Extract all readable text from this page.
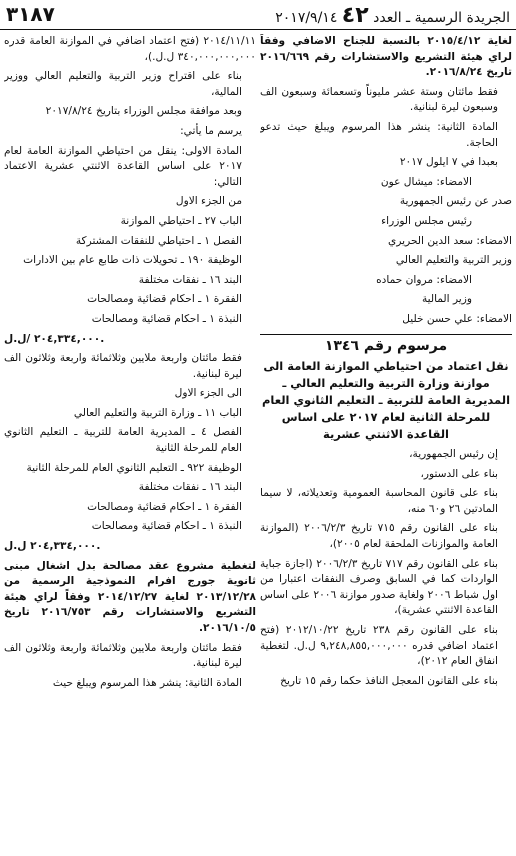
الجريدة الرسمية ـ العدد ٤٢ ٢٠١٧/٩/١٤
٣١٨٧

لغاية ٢٠١٥/٤/١٢ بالنسبة للجناح الاضافي وفقاً لراي هيئة التشريع والاستشارات رقم ٢٠١٦/٦٦٩ تاريخ ٢٠١٦/٨/٢٤.

فقط مائتان وستة عشر مليوناً وتسعمائة وسبعون الف وسبعون ليرة لبنانية.

المادة الثانية: ينشر هذا المرسوم ويبلغ حيث تدعو الحاجة.

بعبدا في ٧ ايلول ٢٠١٧

الامضاء: ميشال عون

صدر عن رئيس الجمهورية

رئيس مجلس الوزراء

الامضاء: سعد الدين الحريري

وزير التربية والتعليم العالي

الامضاء: مروان حماده

وزير المالية

الامضاء: علي حسن خليل

مرسوم رقم ١٣٤٦
نقل اعتماد من احتياطي الموازنة العامة الى موازنة وزارة التربية والتعليم العالي ـ المديرية العامة للتربية ـ التعليم الثانوي العام للمرحلة الثانية لعام ٢٠١٧ على اساس القاعدة الاثنتي عشرية

إن رئيس الجمهورية،

بناء على الدستور،

بناء على قانون المحاسبة العمومية وتعديلاته، لا سيما المادتين ٢٦ و٦٠ منه،

بناء على القانون رقم ٧١٥ تاريخ ٢٠٠٦/٢/٣ (الموازنة العامة والموازنات الملحقة لعام ٢٠٠٥)،

بناء على القانون رقم ٧١٧ تاريخ ٢٠٠٦/٢/٣ (اجازة جباية الواردات كما في السابق وصرف النفقات اعتبارا من اول شباط ٢٠٠٦ ولغاية صدور موازنة ٢٠٠٦ على اساس القاعدة الاثنتي عشرية)،

بناء على القانون رقم ٢٣٨ تاريخ ٢٠١٢/١٠/٢٢ (فتح اعتماد اضافي قدره ٩,٢٤٨,٨٥٥,٠٠٠,٠٠٠ ل.ل. لتغطية انفاق العام ٢٠١٢)،

بناء على القانون المعجل النافذ حكما رقم ١٥ تاريخ

٢٠١٤/١١/١١ (فتح اعتماد اضافي في الموازنة العامة قدره ٣٤٠,٠٠٠,٠٠٠,٠٠٠ ل.ل.)،

بناء على اقتراح وزير التربية والتعليم العالي ووزير المالية،

وبعد موافقة مجلس الوزراء بتاريخ ٢٠١٧/٨/٢٤

يرسم ما يأتي:

المادة الاولى: ينقل من احتياطي الموازنة العامة لعام ٢٠١٧ على اساس القاعدة الاثنتي عشرية الاعتماد التالي:

من الجزء الاول

الباب ٢٧ ـ احتياطي الموازنة

الفصل ١ ـ احتياطي للنفقات المشتركة

الوظيفة ١٩٠ ـ تحويلات ذات طابع عام بين الادارات

البند ١٦ ـ نفقات مختلفة

الفقرة ١ ـ احكام قضائية ومصالحات

النبذة ١ ـ احكام قضائية ومصالحات

٢٠٤,٣٣٤,٠٠٠ /ل.ل.

فقط مائتان واربعة ملايين وثلاثمائة واربعة وثلاثون الف ليرة لبنانية.

الى الجزء الاول

الباب ١١ ـ وزارة التربية والتعليم العالي

الفصل ٤ ـ المديرية العامة للتربية ـ التعليم الثانوي العام للمرحلة الثانية

الوظيفة ٩٢٢ ـ التعليم الثانوي العام للمرحلة الثانية

البند ١٦ ـ نفقات مختلفة

الفقرة ١ ـ احكام قضائية ومصالحات

النبذة ١ ـ احكام قضائية ومصالحات

٢٠٤,٣٣٤,٠٠٠ ل.ل.

لتغطية مشروع عقد مصالحة بدل اشغال مبنى ثانوية جورج افرام النموذجية الرسمية من ٢٠١٣/١٢/٢٨ لغاية ٢٠١٤/١٢/٢٧ وفقاً لراي هيئة التشريع والاستشارات رقم ٢٠١٦/٧٥٣ تاريخ ٢٠١٦/١٠/٥.

فقط مائتان واربعة ملايين وثلاثمائة واربعة وثلاثون الف ليرة لبنانية.

المادة الثانية: ينشر هذا المرسوم ويبلغ حيث
